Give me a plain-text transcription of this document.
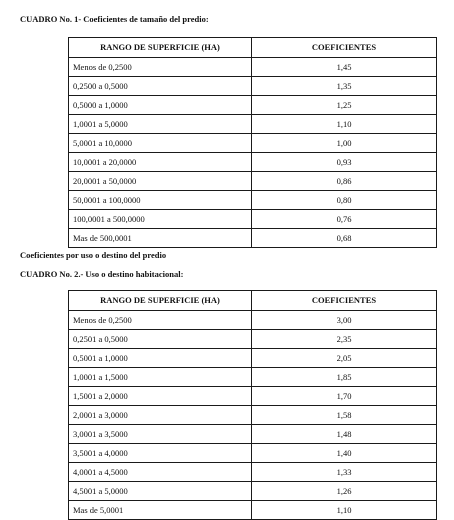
CUADRO No. 1- Coeficientes de tamaño del predio:
RANGO DE SUPERFICIE (HA)	COEFICIENTES
Menos de 0,2500	1,45
0,2500 a 0,5000	1,35
0,5000 a 1,0000	1,25
1,0001 a 5,0000	1,10
5,0001 a 10,0000	1,00
10,0001 a 20,0000	0,93
20,0001 a 50,0000	0,86
50,0001 a 100,0000	0,80
100,0001 a 500,0000	0,76
Mas de 500,0001	0,68
Coeficientes por uso o destino del predio
CUADRO No. 2.- Uso o destino habitacional:
RANGO DE SUPERFICIE (HA)	COEFICIENTES
Menos de 0,2500	3,00
0,2501 a 0,5000	2,35
0,5001 a 1,0000	2,05
1,0001 a 1,5000	1,85
1,5001 a 2,0000	1,70
2,0001 a 3,0000	1,58
3,0001 a 3,5000	1,48
3,5001 a 4,0000	1,40
4,0001 a 4,5000	1,33
4,5001 a 5,0000	1,26
Mas de 5,0001	1,10
